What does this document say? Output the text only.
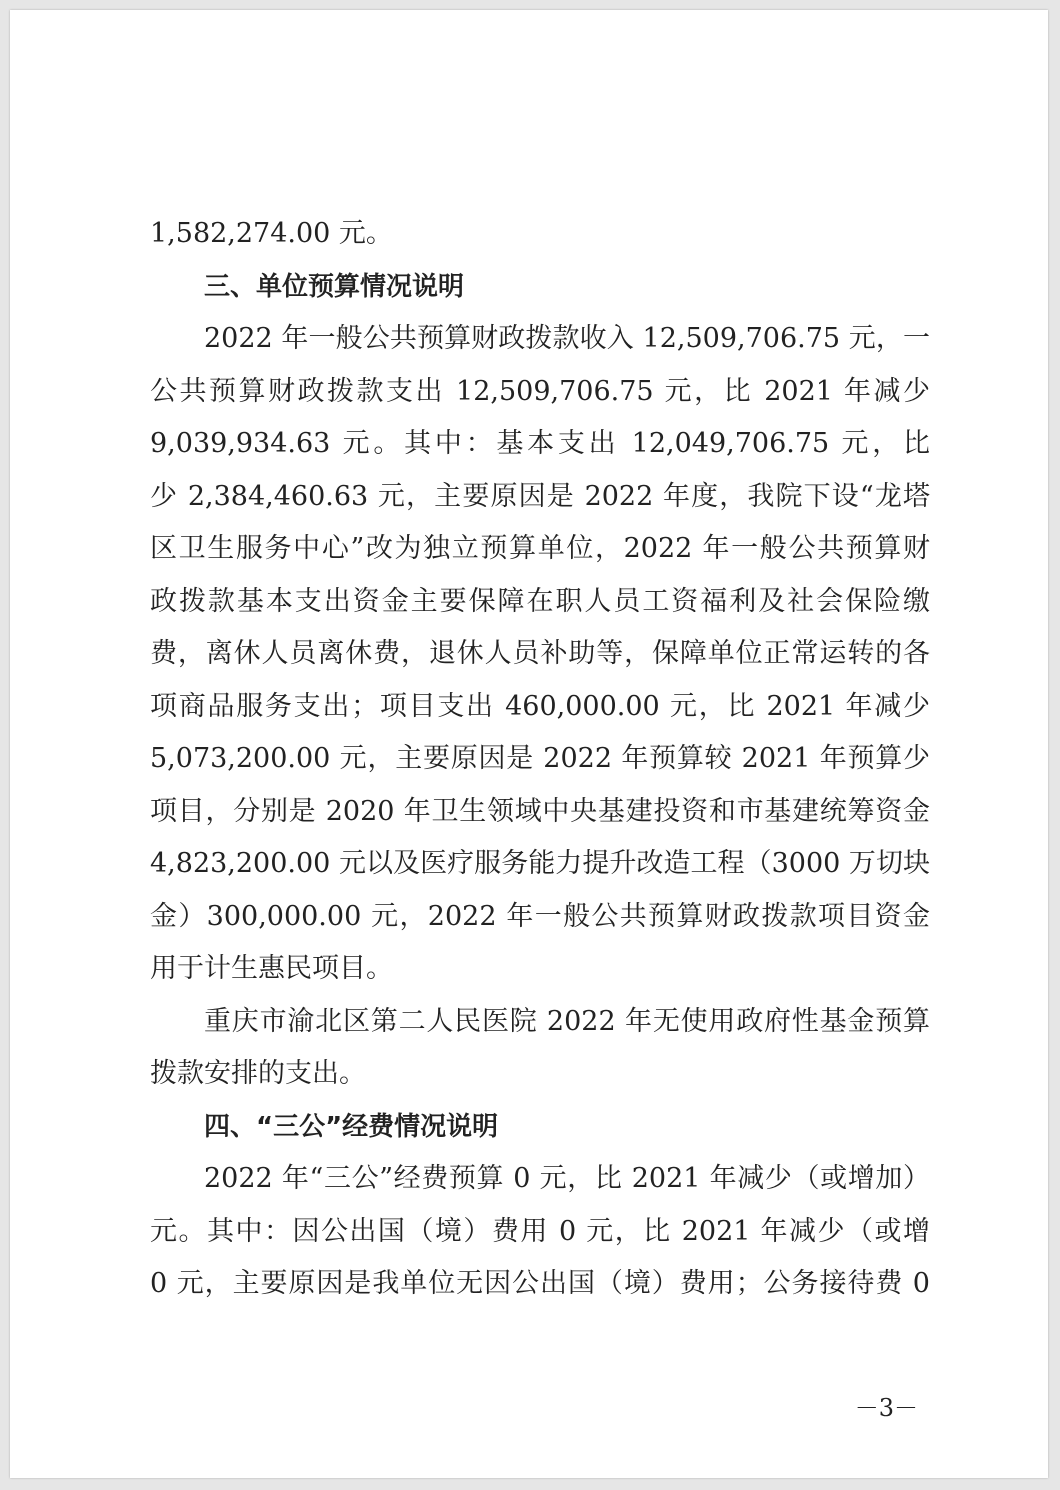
1,582,274.00 元。
三、单位预算情况说明
2022 年一般公共预算财政拨款收入 12,509,706.75 元，一
公共预算财政拨款支出 12,509,706.75 元，比 2021 年减少
9,039,934.63 元。其中：基本支出 12,049,706.75 元，比
少 2,384,460.63 元，主要原因是 2022 年度，我院下设“龙塔
区卫生服务中心”改为独立预算单位，2022 年一般公共预算财
政拨款基本支出资金主要保障在职人员工资福利及社会保险缴
费，离休人员离休费，退休人员补助等，保障单位正常运转的各
项商品服务支出；项目支出 460,000.00 元，比 2021 年减少
5,073,200.00 元，主要原因是 2022 年预算较 2021 年预算少
项目，分别是 2020 年卫生领域中央基建投资和市基建统筹资金
4,823,200.00 元以及医疗服务能力提升改造工程（3000 万切块
金）300,000.00 元，2022 年一般公共预算财政拨款项目资金
用于计生惠民项目。
重庆市渝北区第二人民医院 2022 年无使用政府性基金预算
拨款安排的支出。
四、“三公”经费情况说明
2022 年“三公”经费预算 0 元，比 2021 年减少（或增加）
元。其中：因公出国（境）费用 0 元，比 2021 年减少（或增
0 元，主要原因是我单位无因公出国（境）费用；公务接待费 0
－3－
